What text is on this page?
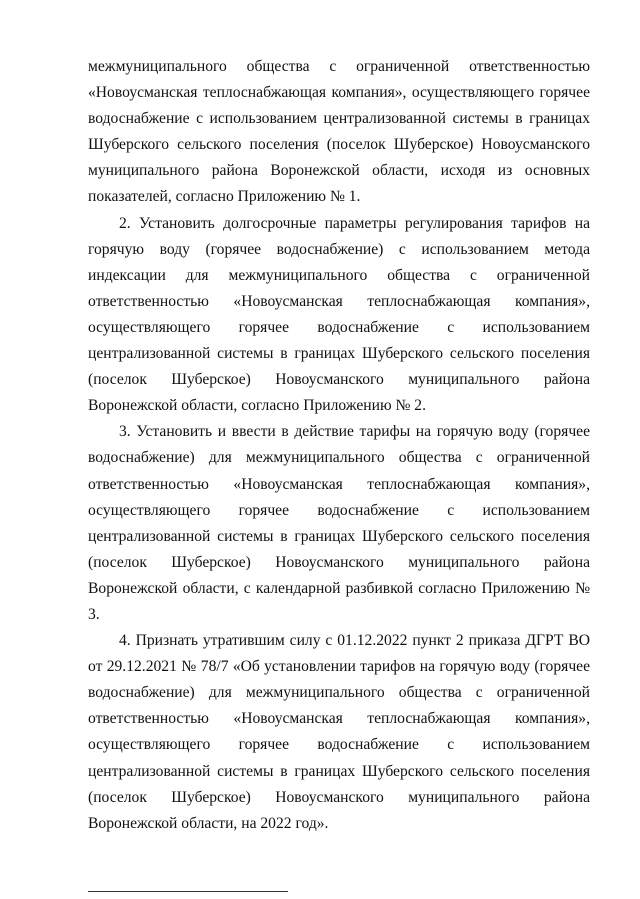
межмуниципального общества с ограниченной ответственностью «Новоусманская теплоснабжающая компания», осуществляющего горячее водоснабжение с использованием централизованной системы в границах Шуберского сельского поселения (поселок Шуберское) Новоусманского муниципального района Воронежской области, исходя из основных показателей, согласно Приложению № 1.

2. Установить долгосрочные параметры регулирования тарифов на горячую воду (горячее водоснабжение) с использованием метода индексации для межмуниципального общества с ограниченной ответственностью «Новоусманская теплоснабжающая компания», осуществляющего горячее водоснабжение с использованием централизованной системы в границах Шуберского сельского поселения (поселок Шуберское) Новоусманского муниципального района Воронежской области, согласно Приложению № 2.

3. Установить и ввести в действие тарифы на горячую воду (горячее водоснабжение) для межмуниципального общества с ограниченной ответственностью «Новоусманская теплоснабжающая компания», осуществляющего горячее водоснабжение с использованием централизованной системы в границах Шуберского сельского поселения (поселок Шуберское) Новоусманского муниципального района Воронежской области, с календарной разбивкой согласно Приложению № 3.

4. Признать утратившим силу с 01.12.2022 пункт 2 приказа ДГРТ ВО от 29.12.2021 № 78/7 «Об установлении тарифов на горячую воду (горячее водоснабжение) для межмуниципального общества с ограниченной ответственностью «Новоусманская теплоснабжающая компания», осуществляющего горячее водоснабжение с использованием централизованной системы в границах Шуберского сельского поселения (поселок Шуберское) Новоусманского муниципального района Воронежской области, на 2022 год».
